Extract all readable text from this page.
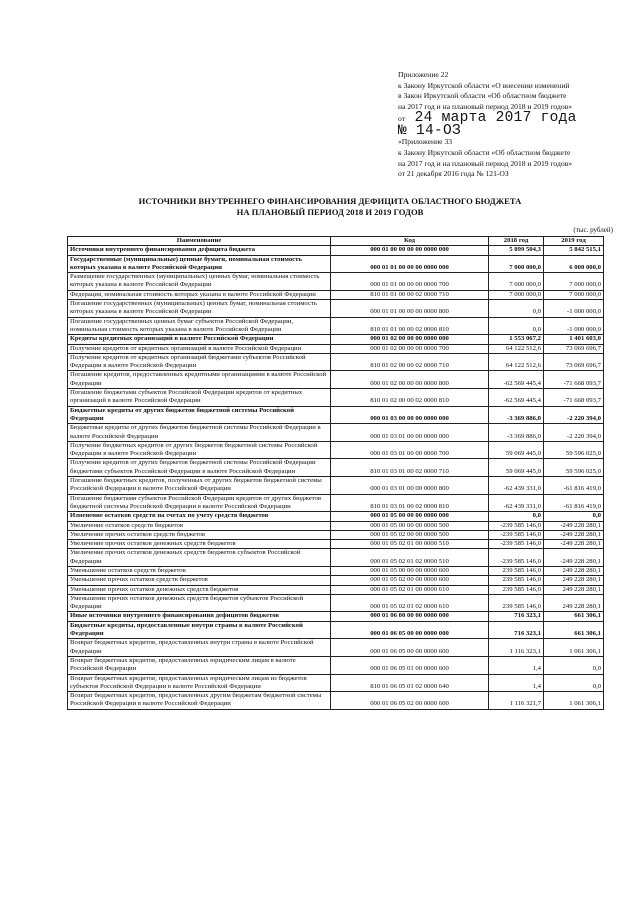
Приложение 22
к Закону Иркутской области «О внесении изменений
в Закон Иркутской области «Об областном бюджете
на 2017 год и на плановый период 2018 и 2019 годов»
от 24 марта 2017 года
№ 14-ОЗ
«Приложение 33
к Закону Иркутской области «Об областном бюджете
на 2017 год и на плановый период 2018 и 2019 годов»
от 21 декабря 2016 года № 121-ОЗ
ИСТОЧНИКИ ВНУТРЕННЕГО ФИНАНСИРОВАНИЯ ДЕФИЦИТА ОБЛАСТНОГО БЮДЖЕТА
НА ПЛАНОВЫЙ ПЕРИОД 2018 И 2019 ГОДОВ
(тыс. рублей)
Наименование	Код	2018 год	2019 год
Источники внутреннего финансирования дефицита бюджета	000 01 00 00 00 00 0000 000	5 899 504,3	5 842 515,1
Государственные (муниципальные) ценные бумаги, номинальная стоимость которых указана в валюте Российской Федерации	000 01 01 00 00 00 0000 000	7 000 000,0	6 000 000,0
Размещение государственных (муниципальных) ценных бумаг, номинальная стоимость которых указана в валюте Российской Федерации	000 01 01 00 00 00 0000 700	7 000 000,0	7 000 000,0
Федерация, номинальная стоимость которых указана в валюте Российской Федерации	810 01 01 00 00 02 0000 710	7 000 000,0	7 000 000,0
Погашение государственных (муниципальных) ценных бумаг, номинальная стоимость которых указана в валюте Российской Федерации	000 01 01 00 00 00 0000 800	0,0	-1 000 000,0
Погашение государственных ценных бумаг субъектов Российской Федерации, номинальная стоимость которых указана в валюте Российской Федерации	810 01 01 00 00 02 0000 810	0,0	-1 000 000,0
Кредиты кредитных организаций в валюте Российской Федерации	000 01 02 00 00 00 0000 000	1 553 067,2	1 401 603,0
Получение кредитов от кредитных организаций в валюте Российской Федерации	000 01 02 00 00 00 0000 700	64 122 512,6	73 069 696,7
Получение кредитов от кредитных организаций бюджетами субъектов Российской Федерации в валюте Российской Федерации	810 01 02 00 00 02 0000 710	64 122 512,6	73 069 696,7
Погашение кредитов, предоставленных кредитными организациями в валюте Российской Федерации	000 01 02 00 00 00 0000 800	-62 569 445,4	-71 668 093,7
Погашение бюджетами субъектов Российской Федерации кредитов от кредитных организаций в валюте Российской Федерации	810 01 02 00 00 02 0000 810	-62 569 445,4	-71 668 093,7
Бюджетные кредиты от других бюджетов бюджетной системы Российской Федерации	000 01 03 00 00 00 0000 000	-3 369 886,0	-2 220 394,0
Бюджетные кредиты от других бюджетов бюджетной системы Российской Федерации в валюте Российской Федерации	000 01 03 01 00 00 0000 000	-3 369 886,0	-2 220 394,0
Получение бюджетных кредитов от других бюджетов бюджетной системы Российской Федерации в валюте Российской Федерации	000 01 03 01 00 00 0000 700	59 069 445,0	59 596 025,0
Получение кредитов от других бюджетов бюджетной системы Российской Федерации бюджетами субъектов Российской Федерации в валюте Российской Федерации	810 01 03 01 00 02 0000 710	59 069 445,0	59 596 025,0
Погашение бюджетных кредитов, полученных от других бюджетов бюджетной системы Российской Федерации в валюте Российской Федерации	000 01 03 01 00 00 0000 800	-62 439 331,0	-61 816 419,0
Погашение бюджетами субъектов Российской Федерации кредитов от других бюджетов бюджетной системы Российской Федерации в валюте Российской Федерации	810 01 03 01 00 02 0000 810	-62 439 331,0	-61 816 419,0
Изменение остатков средств на счетах по учету средств бюджетов	000 01 05 00 00 00 0000 000	0,0	0,0
Увеличение остатков средств бюджетов	000 01 05 00 00 00 0000 500	-239 585 146,0	-249 228 280,1
Увеличение прочих остатков средств бюджетов	000 01 05 02 00 00 0000 500	-239 585 146,0	-249 228 280,1
Увеличение прочих остатков денежных средств бюджетов	000 01 05 02 01 00 0000 510	-239 585 146,0	-249 228 280,1
Увеличение прочих остатков денежных средств бюджетов субъектов Российской Федерации	000 01 05 02 01 02 0000 510	-239 585 146,0	-249 228 280,1
Уменьшение остатков средств бюджетов	000 01 05 00 00 00 0000 600	239 585 146,0	249 228 280,1
Уменьшение прочих остатков средств бюджетов	000 01 05 02 00 00 0000 600	239 585 146,0	249 228 280,1
Уменьшение прочих остатков денежных средств бюджетов	000 01 05 02 01 00 0000 610	239 585 146,0	249 228 280,1
Уменьшение прочих остатков денежных средств бюджетов субъектов Российской Федерации	000 01 05 02 01 02 0000 610	239 585 146,0	249 228 280,1
Иные источники внутреннего финансирования дефицитов бюджетов	000 01 06 00 00 00 0000 000	716 323,1	661 306,1
Бюджетные кредиты, предоставленные внутри страны в валюте Российской Федерации	000 01 06 05 00 00 0000 000	716 323,1	661 306,1
Возврат бюджетных кредитов, предоставленных внутри страны в валюте Российской Федерации	000 01 06 05 00 00 0000 600	1 116 323,1	1 061 306,1
Возврат бюджетных кредитов, предоставленных юридическим лицам в валюте Российской Федерации	000 01 06 05 01 00 0000 600	1,4	0,0
Возврат бюджетных кредитов, предоставленных юридическим лицам из бюджетов субъектов Российской Федерации в валюте Российской Федерации	810 01 06 05 01 02 0000 640	1,4	0,0
Возврат бюджетных кредитов, предоставленных другим бюджетам бюджетной системы Российской Федерации в валюте Российской Федерации	000 01 06 05 02 00 0000 600	1 116 321,7	1 061 306,1
